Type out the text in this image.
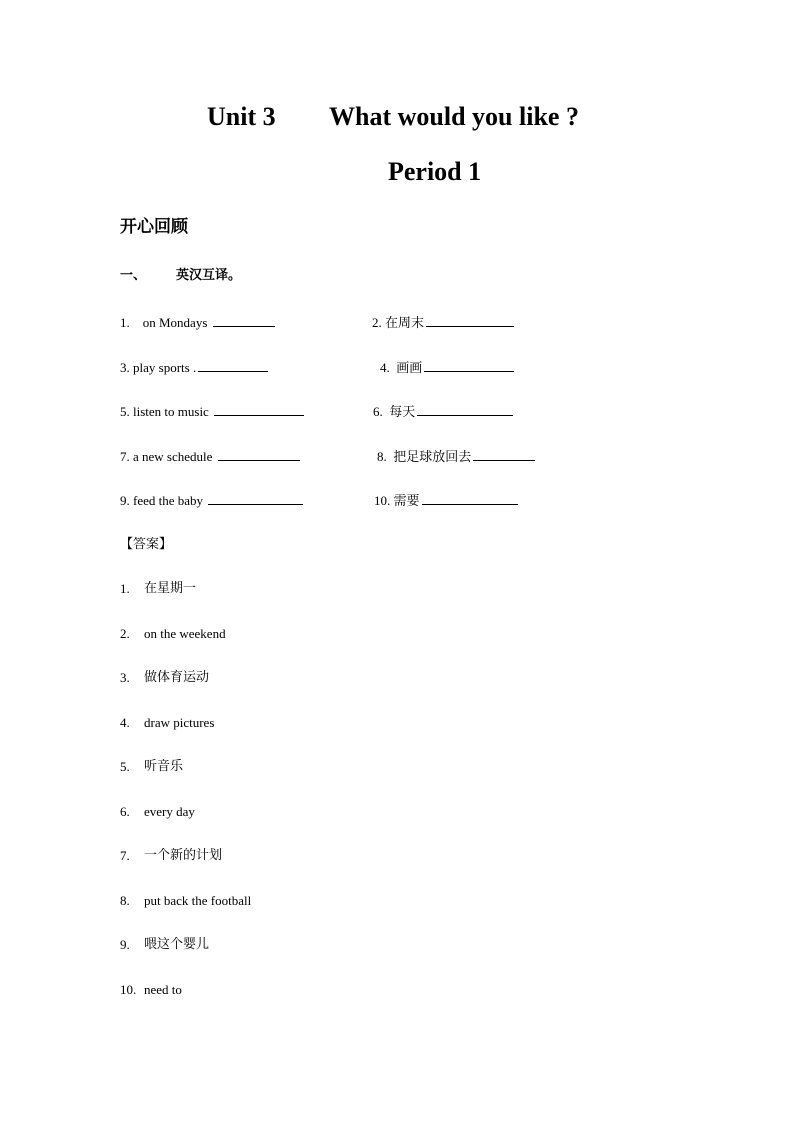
Unit 3 What would you like ?
Period 1
开心回顾
一、 英汉互译。
1. on Mondays
3. play sports .
5. listen to music
7. a new schedule
9. feed the baby
2. 在周末
4. 画画
6. 每天
8. 把足球放回去
10. 需要
【答案】
1. 在星期一
2. on the weekend
3. 做体育运动
4. draw pictures
5. 听音乐
6. every day
7. 一个新的计划
8. put back the football
9. 喂这个婴儿
10. need to
